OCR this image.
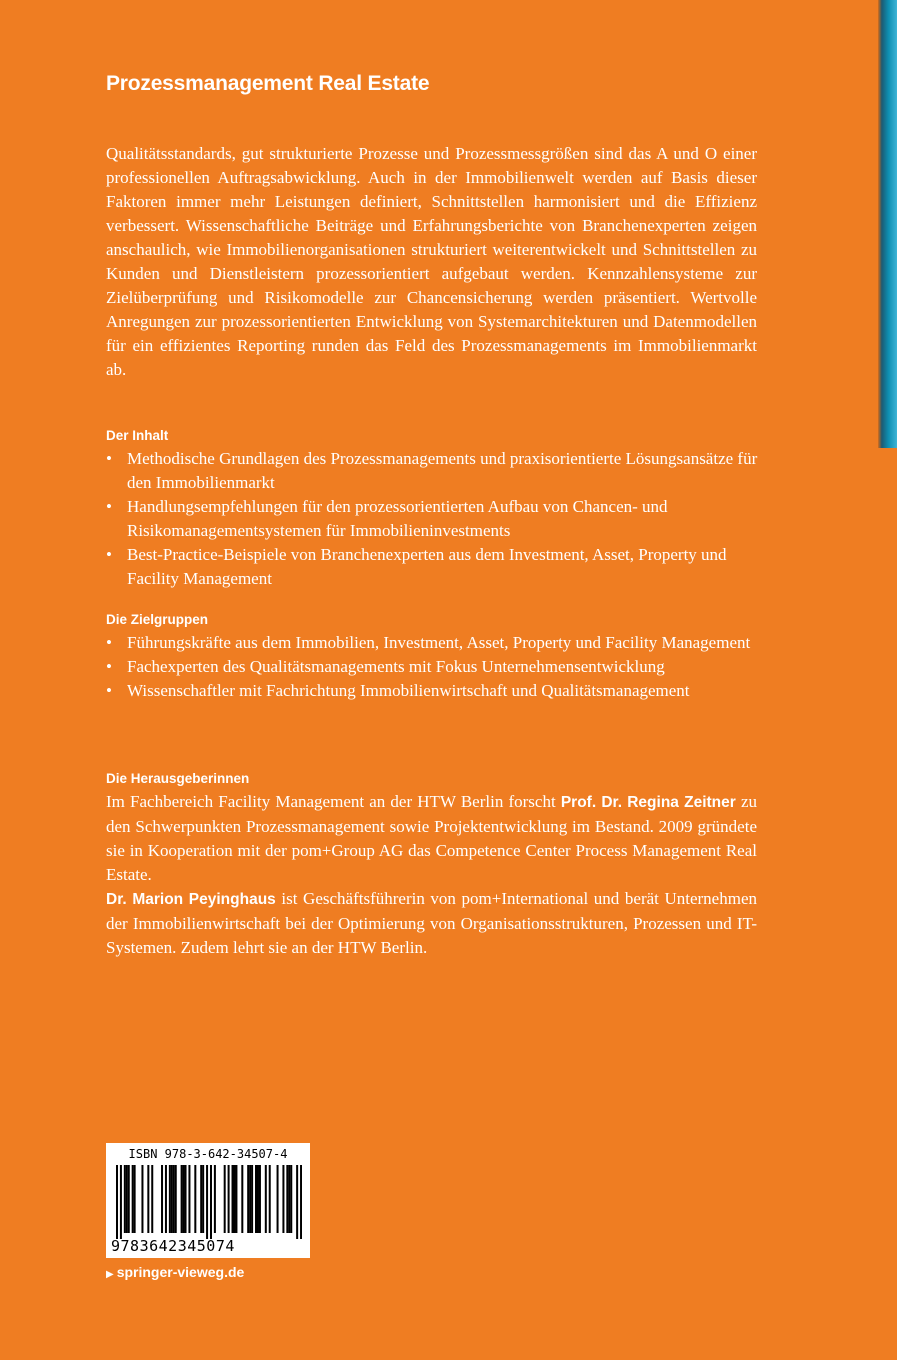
Prozessmanagement Real Estate

Qualitätsstandards, gut strukturierte Prozesse und Prozessmessgrößen sind das A und O einer professionellen Auftragsabwicklung. Auch in der Immobilienwelt werden auf Basis dieser Faktoren immer mehr Leistungen definiert, Schnittstellen harmonisiert und die Effizienz verbessert. Wissenschaftliche Beiträge und Erfahrungsberichte von Branchenexperten zeigen anschaulich, wie Immobilienorganisationen strukturiert weiterentwickelt und Schnittstellen zu Kunden und Dienstleistern prozessorientiert aufgebaut werden. Kennzahlensysteme zur Zielüberprüfung und Risikomodelle zur Chancensicherung werden präsentiert. Wertvolle Anregungen zur prozessorientierten Entwicklung von Systemarchitekturen und Datenmodellen für ein effizientes Reporting runden das Feld des Prozessmanagements im Immobilienmarkt ab.

Der Inhalt
• Methodische Grundlagen des Prozessmanagements und praxisorientierte Lösungsansätze für den Immobilienmarkt
• Handlungsempfehlungen für den prozessorientierten Aufbau von Chancen- und Risikomanagementsystemen für Immobilieninvestments
• Best-Practice-Beispiele von Branchenexperten aus dem Investment, Asset, Property und Facility Management
Die Zielgruppen
• Führungskräfte aus dem Immobilien, Investment, Asset, Property und Facility Management
• Fachexperten des Qualitätsmanagements mit Fokus Unternehmensentwicklung
• Wissenschaftler mit Fachrichtung Immobilienwirtschaft und Qualitätsmanagement
Die Herausgeberinnen
Im Fachbereich Facility Management an der HTW Berlin forscht Prof. Dr. Regina Zeitner zu den Schwerpunkten Prozessmanagement sowie Projektentwicklung im Bestand. 2009 gründete sie in Kooperation mit der pom+Group AG das Competence Center Process Management Real Estate.
Dr. Marion Peyinghaus ist Geschäftsführerin von pom+International und berät Unternehmen der Immobilienwirtschaft bei der Optimierung von Organisationsstrukturen, Prozessen und IT-Systemen. Zudem lehrt sie an der HTW Berlin.
ISBN 978-3-642-34507-4
9783642345074
▶ springer-vieweg.de
